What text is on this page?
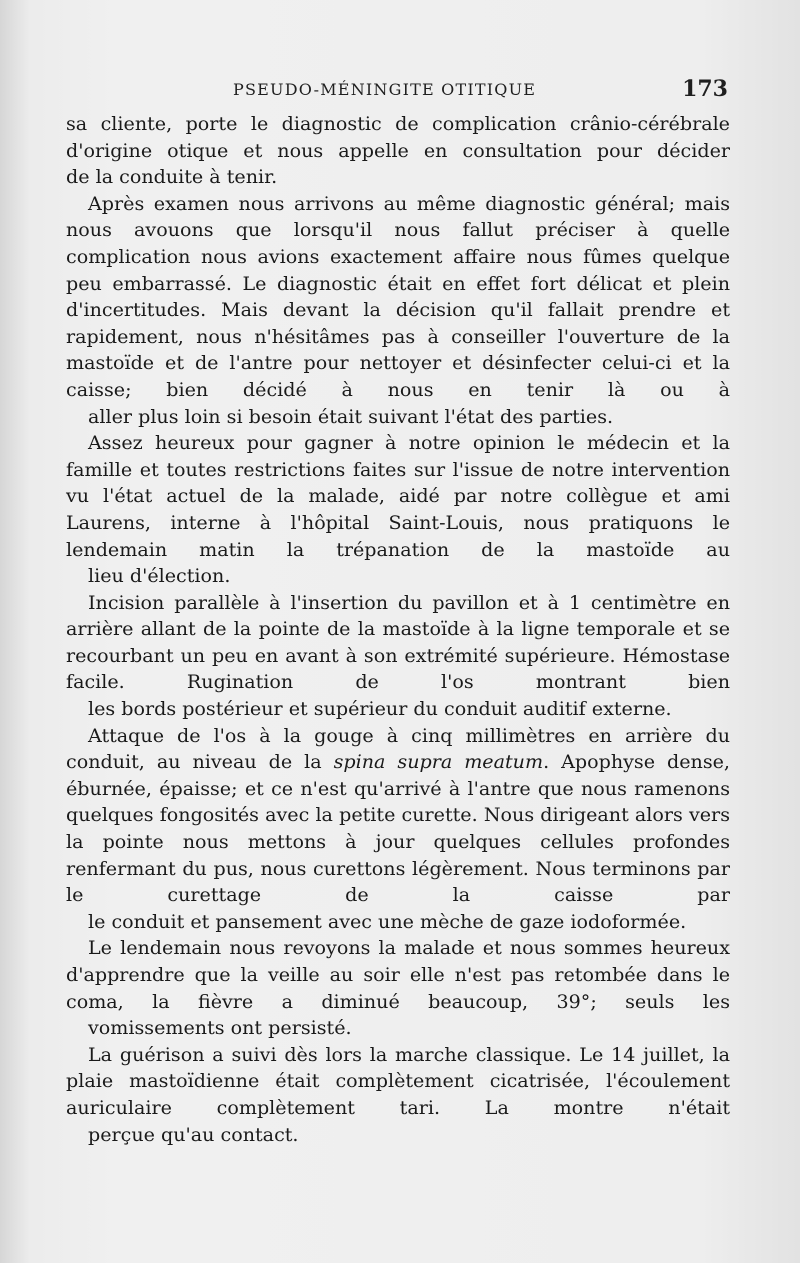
PSEUDO-MÉNINGITE OTITIQUE	173

sa cliente, porte le diagnostic de complication crânio-cérébrale d'origine otique et nous appelle en consultation pour décider
de la conduite à tenir.

Après examen nous arrivons au même diagnostic général; mais nous avouons que lorsqu'il nous fallut préciser à quelle complication nous avions exactement affaire nous fûmes quelque peu embarrassé. Le diagnostic était en effet fort délicat et plein d'incertitudes. Mais devant la décision qu'il fallait prendre et rapidement, nous n'hésitâmes pas à conseiller l'ouverture de la mastoïde et de l'antre pour nettoyer et désinfecter celui-ci et la caisse; bien décidé à nous en tenir là ou à
aller plus loin si besoin était suivant l'état des parties.

Assez heureux pour gagner à notre opinion le médecin et la famille et toutes restrictions faites sur l'issue de notre intervention vu l'état actuel de la malade, aidé par notre collègue et ami Laurens, interne à l'hôpital Saint-Louis, nous pratiquons le lendemain matin la trépanation de la mastoïde au
lieu d'élection.

Incision parallèle à l'insertion du pavillon et à 1 centimètre en arrière allant de la pointe de la mastoïde à la ligne temporale et se recourbant un peu en avant à son extrémité supérieure. Hémostase facile. Rugination de l'os montrant bien
les bords postérieur et supérieur du conduit auditif externe.

Attaque de l'os à la gouge à cinq millimètres en arrière du conduit, au niveau de la spina supra meatum. Apophyse dense, éburnée, épaisse; et ce n'est qu'arrivé à l'antre que nous ramenons quelques fongosités avec la petite curette. Nous dirigeant alors vers la pointe nous mettons à jour quelques cellules profondes renfermant du pus, nous curettons légèrement. Nous terminons par le curettage de la caisse par
le conduit et pansement avec une mèche de gaze iodoformée.

Le lendemain nous revoyons la malade et nous sommes heureux d'apprendre que la veille au soir elle n'est pas retombée dans le coma, la fièvre a diminué beaucoup, 39°; seuls les
vomissements ont persisté.

La guérison a suivi dès lors la marche classique. Le 14 juillet, la plaie mastoïdienne était complètement cicatrisée, l'écoulement auriculaire complètement tari. La montre n'était
perçue qu'au contact.
